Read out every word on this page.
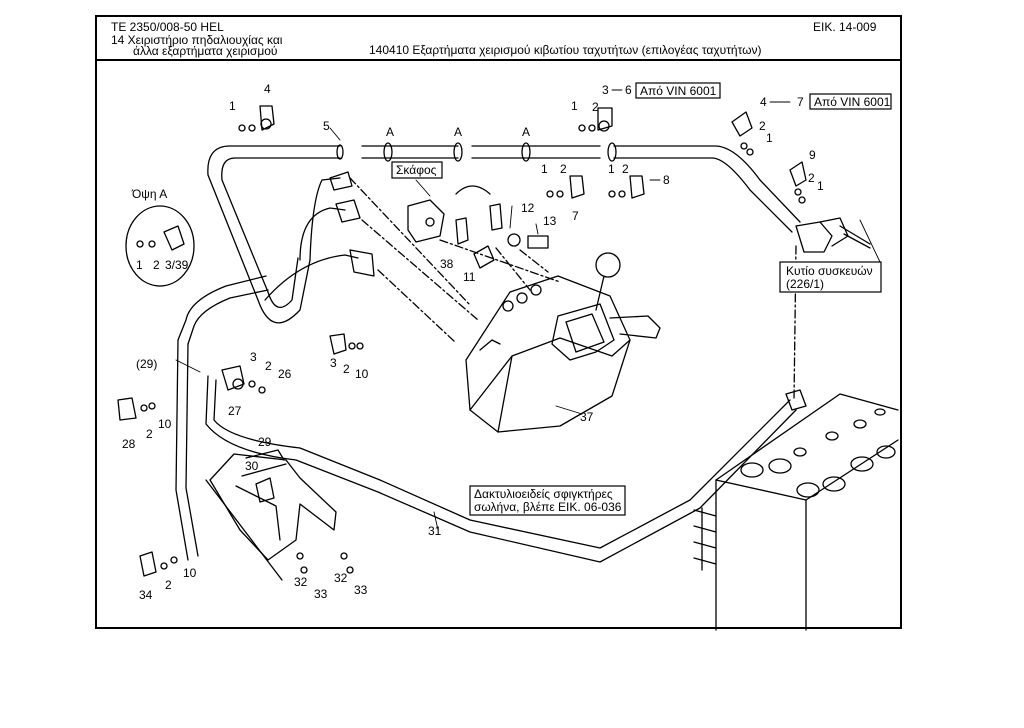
TE 2350/008-50 HEL
14 Χειριστήριο πηδαλιουχίας και
άλλα εξαρτήματα χειρισμού
ΕΙΚ. 14-009
140410 Εξαρτήματα χειρισμού κιβωτίου ταχυτήτων (επιλογέας ταχυτήτων)
Από VIN 6001
Από VIN 6001
Σκάφος
Κυτίο συσκευών
(226/1)
Δακτυλιοειδείς σφιγκτήρες
σωλήνα, βλέπε ΕΙΚ. 06-036
Όψη Α
1
4
5	A	A	A
3 6
1 2	4	7
2
1
9
2
1
2
1
7
1 2
8
12
13
38
11
1 2 3/39
3 2 10
(29)	3
2
26
27
28
2
10	37
29
30
31
34
2
10
32
33
32
33
